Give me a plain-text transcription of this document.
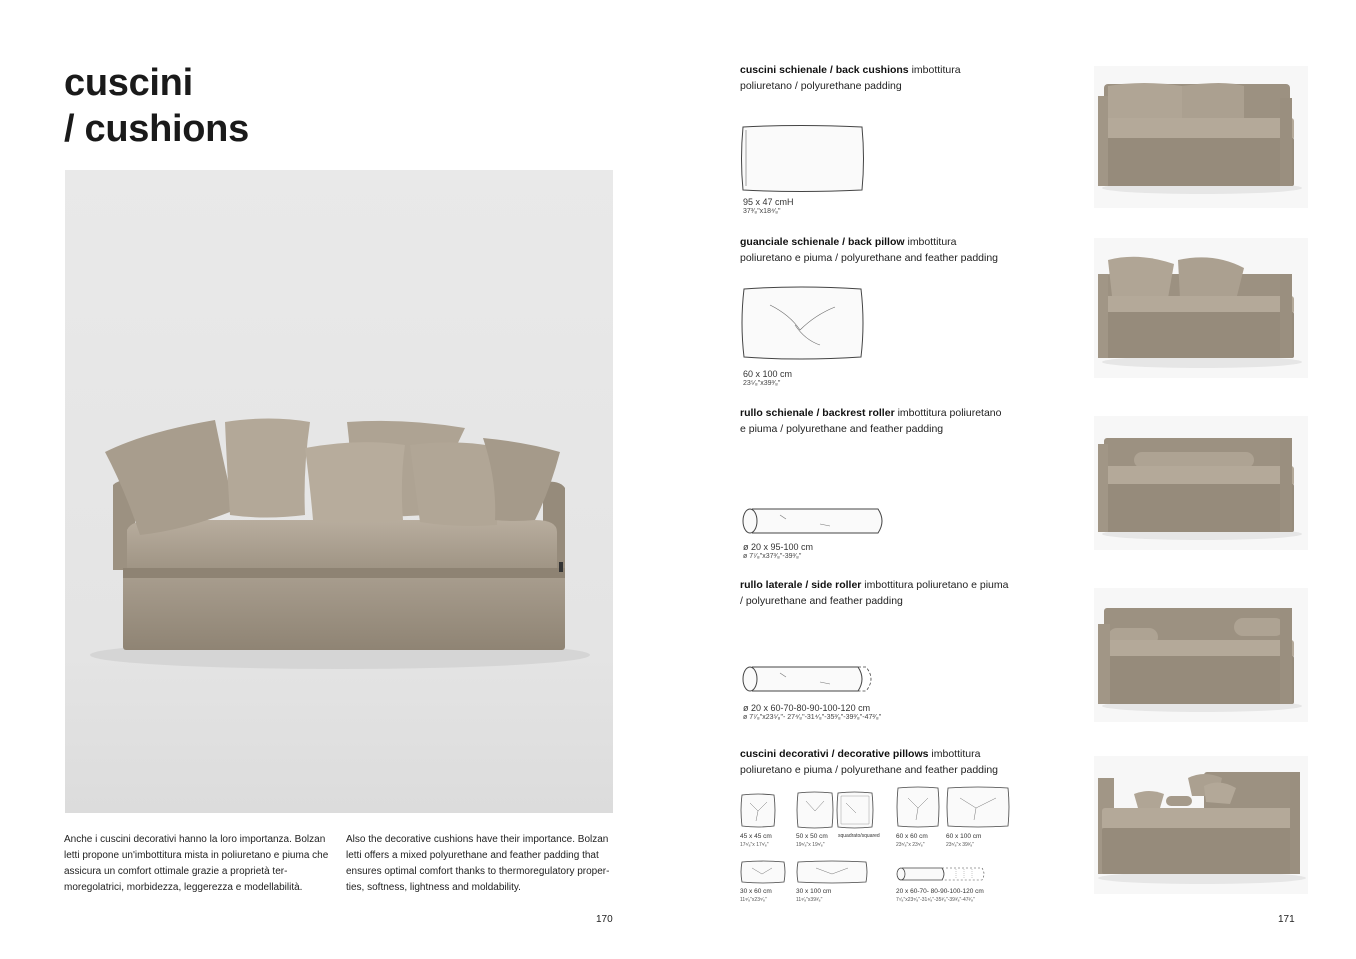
cuscini
/ cushions
Anche i cuscini decorativi hanno la loro importanza. Bolzan letti propone un'imbottitura mista in poliuretano e piuma che assicura un comfort ottimale grazie a proprietà ter-moregolatrici, morbidezza, leggerezza e modellabilità.
Also the decorative cushions have their importance. Bolzan letti offers a mixed polyurethane and feather padding that ensures optimal comfort thanks to thermoregulatory proper-ties, softness, lightness and moldability.
170
cuscini schienale / back cushions imbottitura poliuretano / polyurethane padding
95 x 47 cmH
37³⁄₈"x18⁴⁄₈"
guanciale schienale / back pillow imbottitura poliuretano e piuma / polyurethane and feather padding
60 x 100 cm
23⁵⁄₈"x39³⁄₈"
rullo schienale / backrest roller imbottitura poliuretano e piuma / polyurethane and feather padding
ø 20 x 95-100 cm
ø 7⁷⁄₈"x37³⁄₈"-39³⁄₈"
rullo laterale / side roller imbottitura poliuretano e piuma / polyurethane and feather padding
ø 20 x 60-70-80-90-100-120 cm
ø 7⁷⁄₈"x23⁵⁄₈"- 27⁴⁄₈"-31⁴⁄₈"-35³⁄₈"-39³⁄₈"-47²⁄₈"
cuscini decorativi / decorative pillows imbottitura poliuretano e piuma / polyurethane and feather padding
45 x 45 cm
17⁶⁄₈"x 17⁶⁄₈"
50 x 50 cm
19⁶⁄₈"x 19⁶⁄₈"
squadrato/squared	60 x 60 cm
23⁵⁄₈"x 23⁵⁄₈"
60 x 100 cm
23⁵⁄₈"x 39³⁄₈"
30 x 60 cm
11⁶⁄₈"x23⁵⁄₈"
30 x 100 cm
11⁶⁄₈"x39³⁄₈"
20 x 60-70- 80-90-100-120 cm
7⁷⁄₈"x23⁵⁄₈"-31⁴⁄₈"-35³⁄₈"-39³⁄₈"-47²⁄₈"
171
